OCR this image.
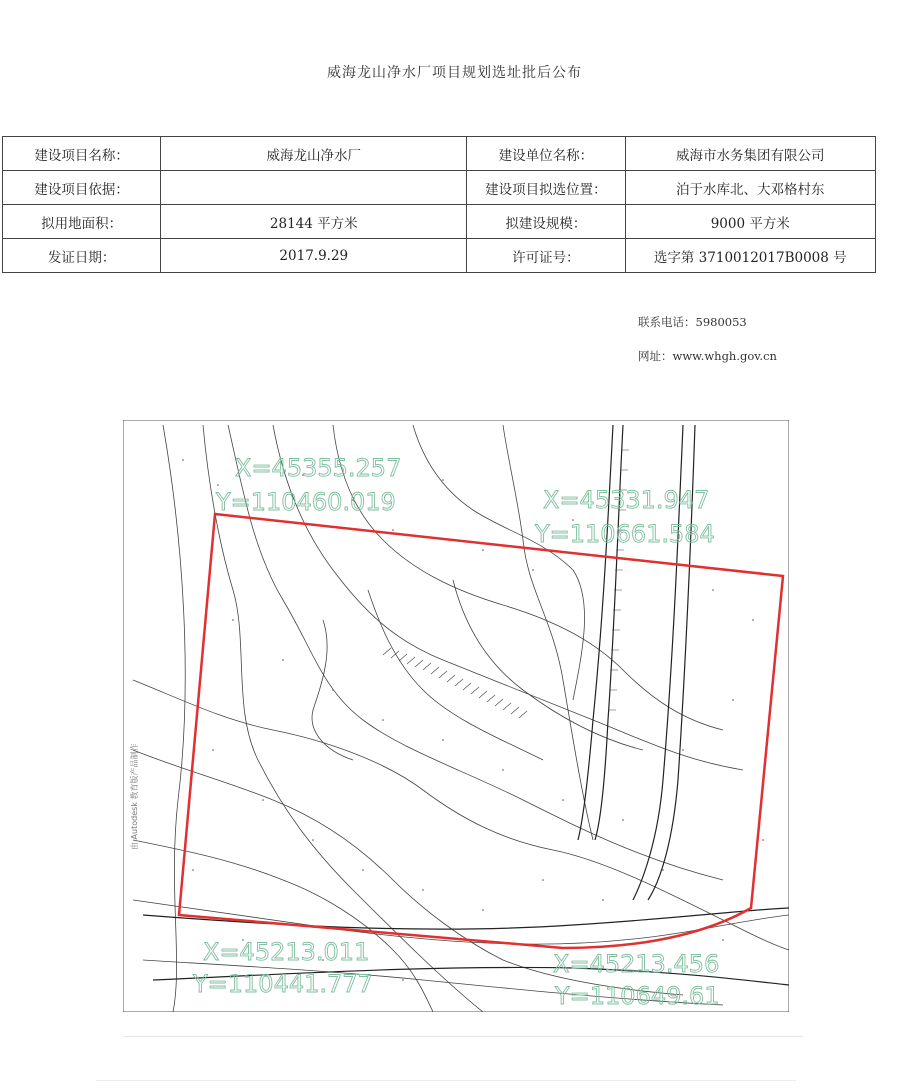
威海龙山净水厂项目规划选址批后公布
建设项目名称：	威海龙山净水厂	建设单位名称：	威海市水务集团有限公司
建设项目依据：		建设项目拟选位置：	泊于水库北、大邓格村东
拟用地面积：	28144 平方米	拟建设规模：	9000 平方米
发证日期：	2017.9.29	许可证号：	选字第 3710012017B0008 号
联系电话：5980053
网址：www.whgh.gov.cn
X=45355.257
Y=110460.019	X=45331.947
Y=110661.584
X=45213.011
Y=110441.777
X=45213.456
Y=110649.61
由 Autodesk 教育版产品制作
